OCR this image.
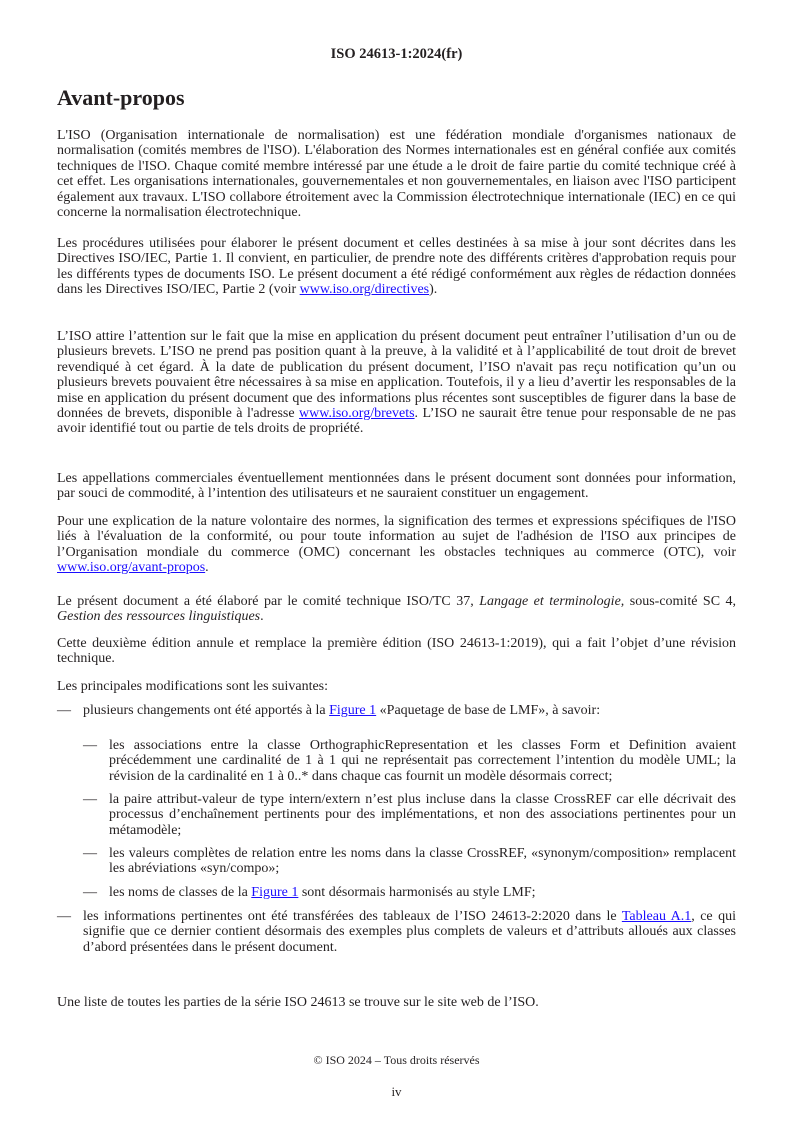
ISO 24613-1:2024(fr)
Avant-propos

L'ISO (Organisation internationale de normalisation) est une fédération mondiale d'organismes nationaux de normalisation (comités membres de l'ISO). L'élaboration des Normes internationales est en général confiée aux comités techniques de l'ISO. Chaque comité membre intéressé par une étude a le droit de faire partie du comité technique créé à cet effet. Les organisations internationales, gouvernementales et non gouvernementales, en liaison avec l'ISO participent également aux travaux. L'ISO collabore étroitement avec la Commission électrotechnique internationale (IEC) en ce qui concerne la normalisation électrotechnique.

Les procédures utilisées pour élaborer le présent document et celles destinées à sa mise à jour sont décrites dans les Directives ISO/IEC, Partie 1. Il convient, en particulier, de prendre note des différents critères d'approbation requis pour les différents types de documents ISO. Le présent document a été rédigé conformément aux règles de rédaction données dans les Directives ISO/IEC, Partie 2 (voir www.iso.org/directives).

L’ISO attire l’attention sur le fait que la mise en application du présent document peut entraîner l’utilisation d’un ou de plusieurs brevets. L’ISO ne prend pas position quant à la preuve, à la validité et à l’applicabilité de tout droit de brevet revendiqué à cet égard. À la date de publication du présent document, l’ISO n'avait pas reçu notification qu’un ou plusieurs brevets pouvaient être nécessaires à sa mise en application. Toutefois, il y a lieu d’avertir les responsables de la mise en application du présent document que des informations plus récentes sont susceptibles de figurer dans la base de données de brevets, disponible à l'adresse www.iso.org/brevets. L’ISO ne saurait être tenue pour responsable de ne pas avoir identifié tout ou partie de tels droits de propriété.

Les appellations commerciales éventuellement mentionnées dans le présent document sont données pour information, par souci de commodité, à l’intention des utilisateurs et ne sauraient constituer un engagement.

Pour une explication de la nature volontaire des normes, la signification des termes et expressions spécifiques de l'ISO liés à l'évaluation de la conformité, ou pour toute information au sujet de l'adhésion de l'ISO aux principes de l’Organisation mondiale du commerce (OMC) concernant les obstacles techniques au commerce (OTC), voir www.iso.org/avant-propos.

Le présent document a été élaboré par le comité technique ISO/TC 37, Langage et terminologie, sous-comité SC 4, Gestion des ressources linguistiques.

Cette deuxième édition annule et remplace la première édition (ISO 24613-1:2019), qui a fait l’objet d’une révision technique.

Les principales modifications sont les suivantes:

— plusieurs changements ont été apportés à la Figure 1 «Paquetage de base de LMF», à savoir:
— les associations entre la classe OrthographicRepresentation et les classes Form et Definition avaient précédemment une cardinalité de 1 à 1 qui ne représentait pas correctement l’intention du modèle UML; la révision de la cardinalité en 1 à 0..* dans chaque cas fournit un modèle désormais correct;
— la paire attribut-valeur de type intern/extern n’est plus incluse dans la classe CrossREF car elle décrivait des processus d’enchaînement pertinents pour des implémentations, et non des associations pertinentes pour un métamodèle;
— les valeurs complètes de relation entre les noms dans la classe CrossREF, «synonym/composition» remplacent les abréviations «syn/compo»;
— les noms de classes de la Figure 1 sont désormais harmonisés au style LMF;
— les informations pertinentes ont été transférées des tableaux de l’ISO 24613-2:2020 dans le Tableau A.1, ce qui signifie que ce dernier contient désormais des exemples plus complets de valeurs et d’attributs alloués aux classes d’abord présentées dans le présent document.

Une liste de toutes les parties de la série ISO 24613 se trouve sur le site web de l’ISO.

© ISO 2024 – Tous droits réservés
iv
